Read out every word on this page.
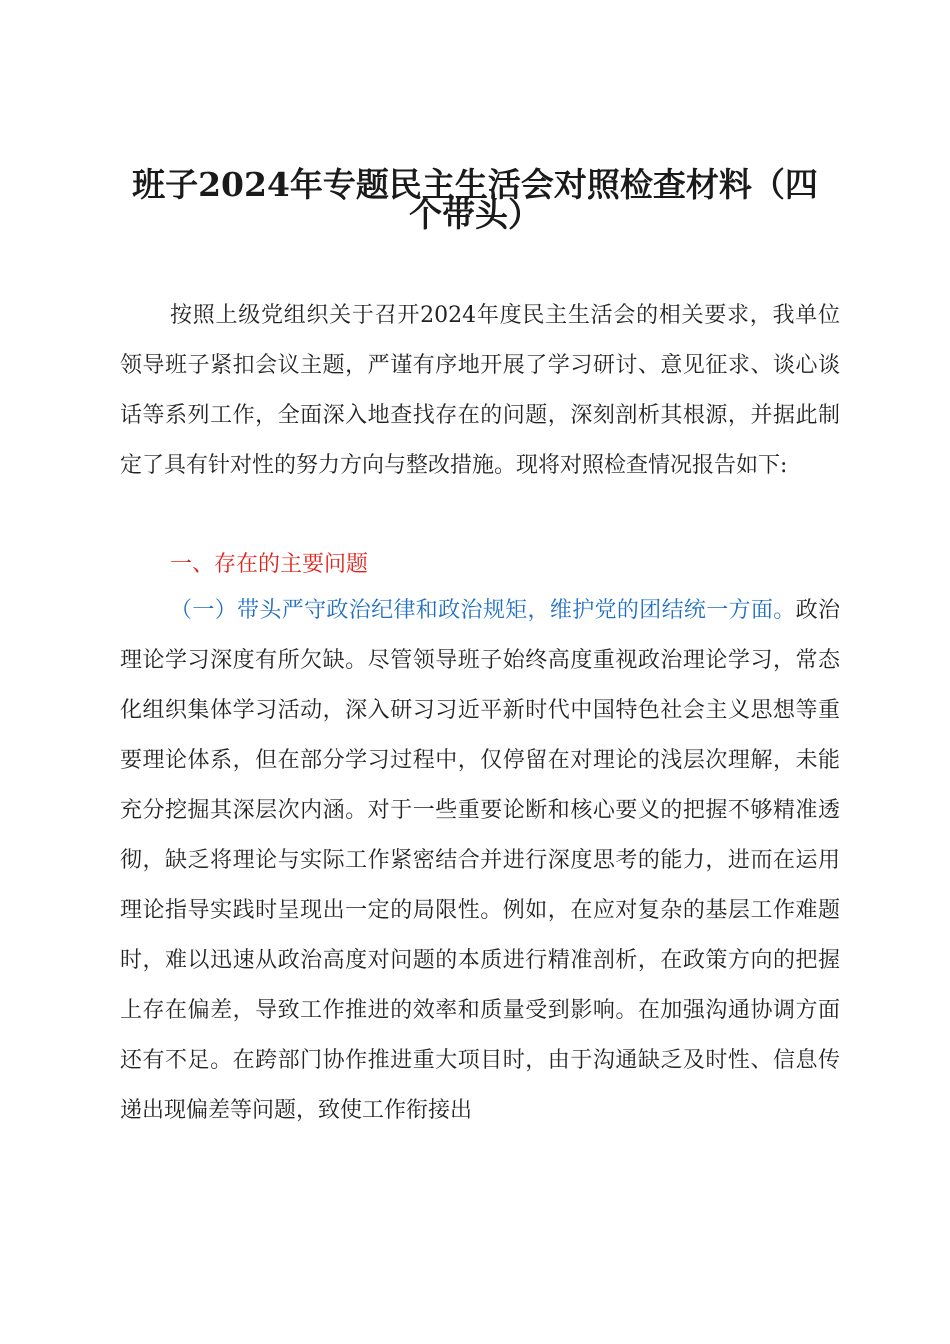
班子2024年专题民主生活会对照检查材料（四
个带头）

按照上级党组织关于召开2024年度民主生活会的相关要求，我单位领导班子紧扣会议主题，严谨有序地开展了学习研讨、意见征求、谈心谈话等系列工作，全面深入地查找存在的问题，深刻剖析其根源，并据此制定了具有针对性的努力方向与整改措施。现将对照检查情况报告如下:

一、存在的主要问题

（一）带头严守政治纪律和政治规矩，维护党的团结统一方面。政治理论学习深度有所欠缺。尽管领导班子始终高度重视政治理论学习，常态化组织集体学习活动，深入研习习近平新时代中国特色社会主义思想等重要理论体系，但在部分学习过程中，仅停留在对理论的浅层次理解，未能充分挖掘其深层次内涵。对于一些重要论断和核心要义的把握不够精准透彻，缺乏将理论与实际工作紧密结合并进行深度思考的能力，进而在运用理论指导实践时呈现出一定的局限性。例如，在应对复杂的基层工作难题时，难以迅速从政治高度对问题的本质进行精准剖析，在政策方向的把握上存在偏差，导致工作推进的效率和质量受到影响。在加强沟通协调方面还有不足。在跨部门协作推进重大项目时，由于沟通缺乏及时性、信息传递出现偏差等问题，致使工作衔接出
